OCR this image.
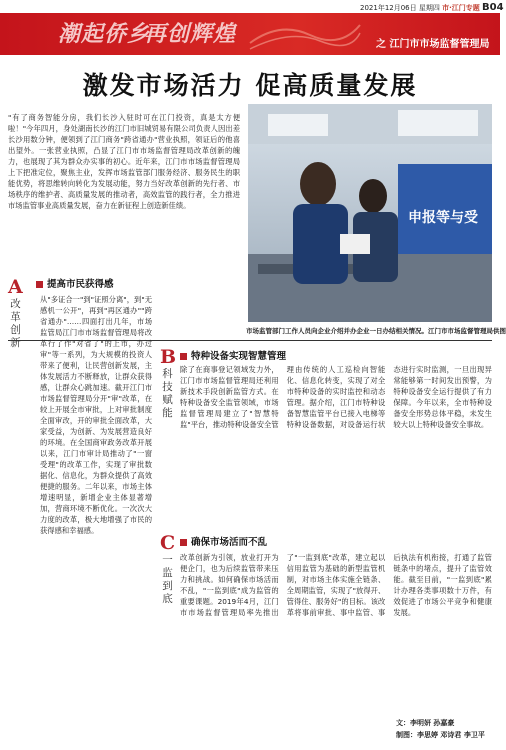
2021年12月06日 星期四 市·江门专题 B04
潮起侨乡
再创辉煌	之 江门市市场监督管理局
激发市场活力 促高质量发展
"有了商务智能分房，我们长沙入驻时可在江门投资，真是太方便啦！"今年四月，身处湖南长沙的江门市旧城贸易有限公司负责人因出差长沙用数分钟，便领到了江门商务"跨省通办"营业执照，领证后的他喜出望外。一张营业执照，凸显了江门市市场监督管理局改革创新的魄力，也展现了其为群众办实事的初心。近年来，江门市市场监督管理局上下把准定位，聚焦主业，发挥市场监管部门服务经济、服务民生的职能优势，将思维转向转化为发展动能，努力当好改革创新的先行者、市场秩序的维护者、高质量发展的推动者，高效监管的践行者，全力推进市场监管事业高质量发展，奋力在新征程上创造新佳绩。
申报等与受
市场监管部门工作人员向企业介绍并办企业一日办结相关情况。江门市市场监督管理局供图
A
改革创新
提高市民获得感
从"多证合一"到"证照分离"，到"无感机一公开"，再到"再区通办""跨省通办"……四面打出几年，市场监管局江门市市场监督管理局将改革行了作"对省了"的上市，办过审"等一系列，为大规模的投资人带来了便利，让民营创新发展，主体发展活力不断释放，让群众获得感，让群众心跳加速。截开江门市市场监督管理局分开"审"改革，在较上开展全市审批，上对审批制度全面审改，开的审批全面改革，大家受益，为创新、为发展营造良好的环境。在全国商审政务改革开展以来，江门市审计局推动了"一窗受理"的改革工作，实现了审批数据化、信息化，为群众提供了高效便捷的服务。二年以来，市场主体增速明显，新增企业主体显著增加，营商环境不断优化。一次次大力度的改革，极大地增强了市民的获得感和幸福感。
B
科技赋能
特种设备实现智慧管理
除了在商事登记领域发力外，江门市市场监督管理局还利用新技术手段创新监管方式。在特种设备安全监管领域，市场监督管理局建立了"智慧特监"平台，推动特种设备安全管理由传统的人工巡检向智能化、信息化转变，实现了对全市特种设备的实时监控和动态管理。据介绍，江门市特种设备智慧监管平台已接入电梯等特种设备数据，对设备运行状态进行实时监测，一旦出现异常能够第一时间发出预警，为特种设备安全运行提供了有力保障。今年以来，全市特种设备安全形势总体平稳，未发生较大以上特种设备安全事故。
C
一监到底
确保市场活而不乱
改革创新为引领，放业打开为便企门，也为后续监管带来压力和挑战。如何确保市场活而不乱，"一监到底"成为监管的重要课题。2019年4月，江门市市场监督管理局率先推出了"一监到底"改革，建立起以信用监管为基础的新型监管机制，对市场主体实施全链条、全周期监管，实现了"放得开、管得住、服务好"的目标。该改革将事前审批、事中监管、事后执法有机衔接，打通了监管链条中的堵点，提升了监管效能。截至目前，"一监到底"累计办理各类事项数十万件，有效促进了市场公平竞争和健康发展。
文：李明妍 孙嘉豪
制图：李思婷 邓诗君 李卫平
